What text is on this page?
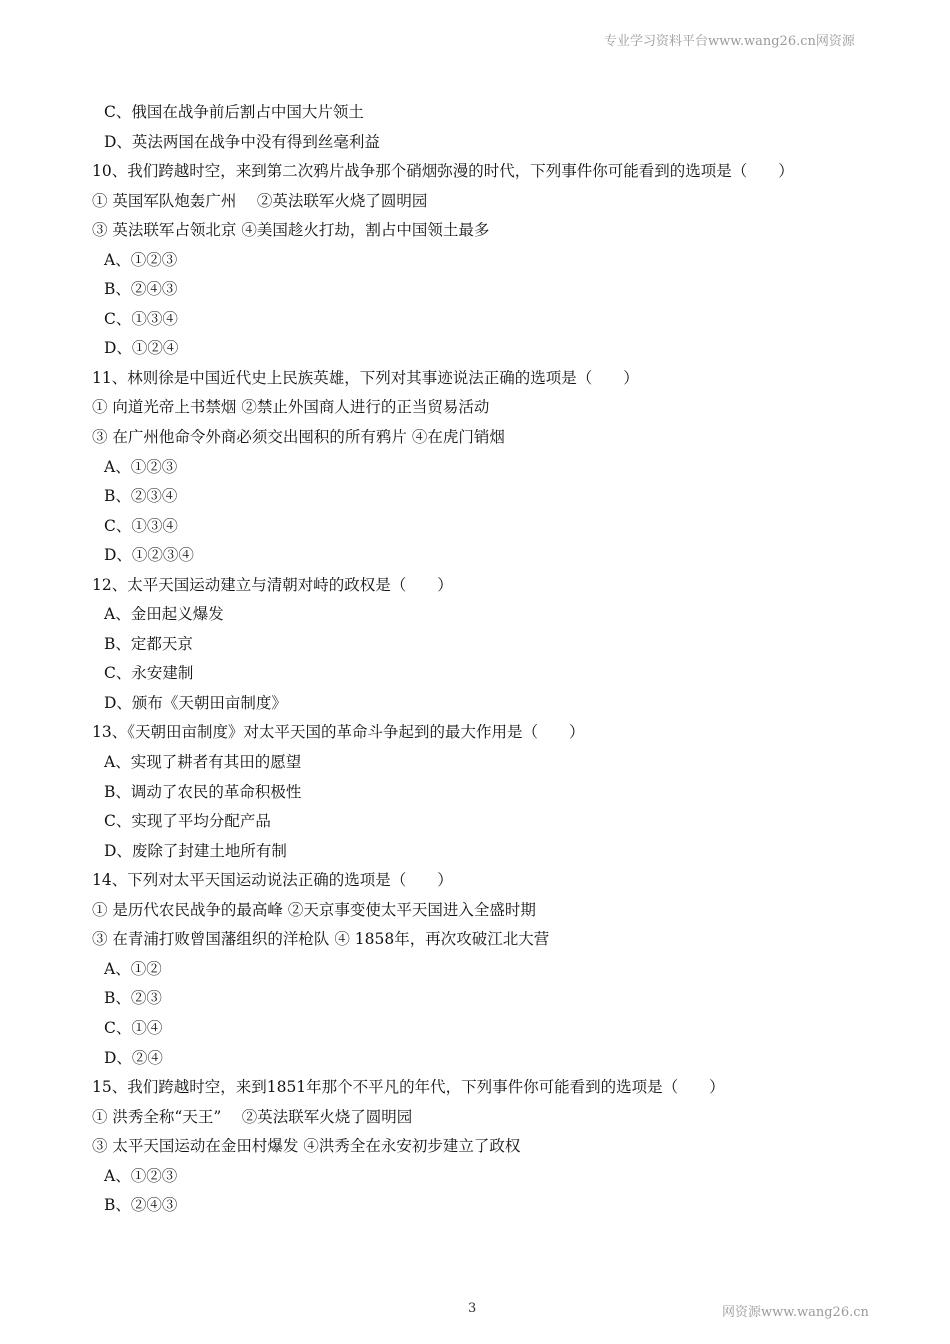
专业学习资料平台www.wang26.cn网资源
C、俄国在战争前后割占中国大片领土
D、英法两国在战争中没有得到丝毫利益
10、我们跨越时空，来到第二次鸦片战争那个硝烟弥漫的时代，下列事件你可能看到的选项是（　　）
① 英国军队炮轰广州　 ②英法联军火烧了圆明园
③ 英法联军占领北京 ④美国趁火打劫，割占中国领土最多
A、①②③
B、②④③
C、①③④
D、①②④
11、林则徐是中国近代史上民族英雄，下列对其事迹说法正确的选项是（　　）
① 向道光帝上书禁烟 ②禁止外国商人进行的正当贸易活动
③ 在广州他命令外商必须交出囤积的所有鸦片 ④在虎门销烟
A、①②③
B、②③④
C、①③④
D、①②③④
12、太平天国运动建立与清朝对峙的政权是（　　）
A、金田起义爆发
B、定都天京
C、永安建制
D、颁布《天朝田亩制度》
13、《天朝田亩制度》对太平天国的革命斗争起到的最大作用是（　　）
A、实现了耕者有其田的愿望
B、调动了农民的革命积极性
C、实现了平均分配产品
D、废除了封建土地所有制
14、下列对太平天国运动说法正确的选项是（　　）
① 是历代农民战争的最高峰 ②天京事变使太平天国进入全盛时期
③ 在青浦打败曾国藩组织的洋枪队 ④ 1858年，再次攻破江北大营
A、①②
B、②③
C、①④
D、②④
15、我们跨越时空，来到1851年那个不平凡的年代，下列事件你可能看到的选项是（　　）
① 洪秀全称“天王”　 ②英法联军火烧了圆明园
③ 太平天国运动在金田村爆发 ④洪秀全在永安初步建立了政权
A、①②③
B、②④③
3	网资源www.wang26.cn
